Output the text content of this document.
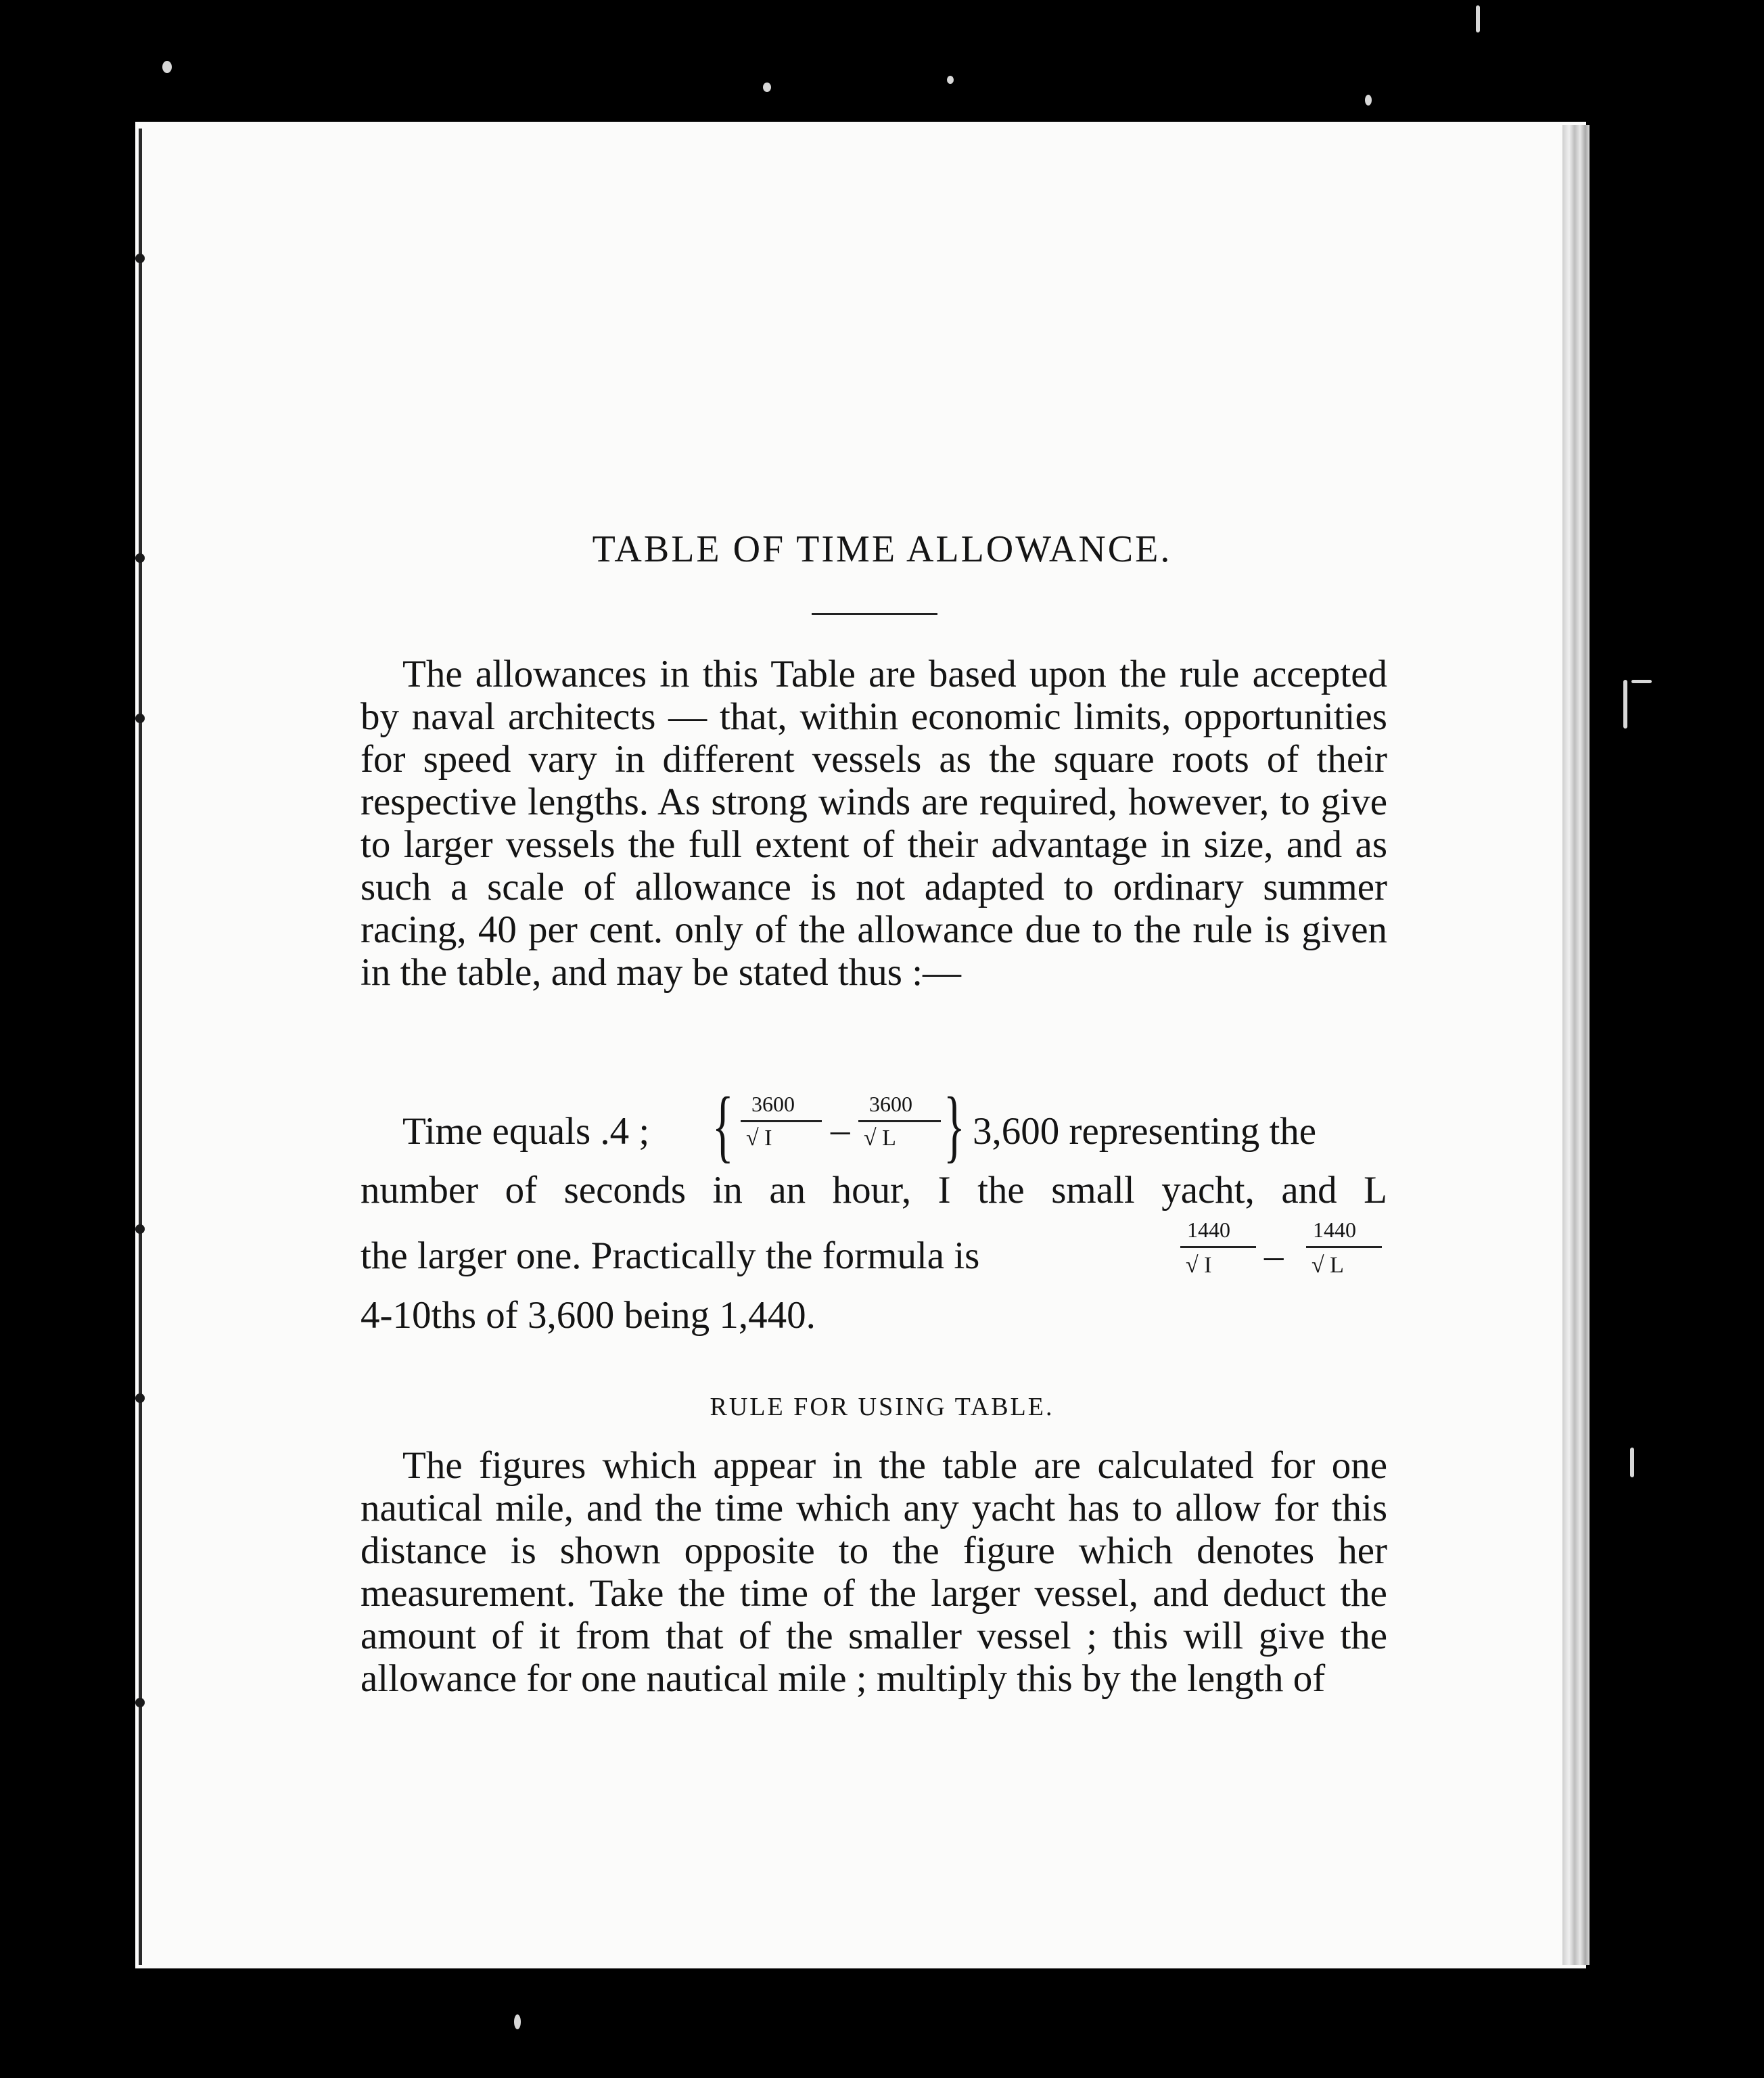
TABLE OF TIME ALLOWANCE.

The allowances in this Table are based upon the rule accepted by naval architects — that, within economic limits, opportunities for speed vary in different vessels as the square roots of their respective lengths. As strong winds are required, however, to give to larger vessels the full extent of their advantage in size, and as such a scale of allowance is not adapted to ordinary summer racing, 40 per cent. only of the allowance due to the rule is given in the table, and may be stated thus :—

Time equals .4 ; { 3600
√ I –
3600
√ L } 3,600 representing the

number of seconds in an hour, I the small yacht, and L

the larger one. Practically the formula is
1440
√ I –
1440
√ L

4-10ths of 3,600 being 1,440.

RULE FOR USING TABLE.

The figures which appear in the table are calculated for one nautical mile, and the time which any yacht has to allow for this distance is shown opposite to the figure which denotes her measurement. Take the time of the larger vessel, and deduct the amount of it from that of the smaller vessel ; this will give the allowance for one nautical mile ; multiply this by the length of
